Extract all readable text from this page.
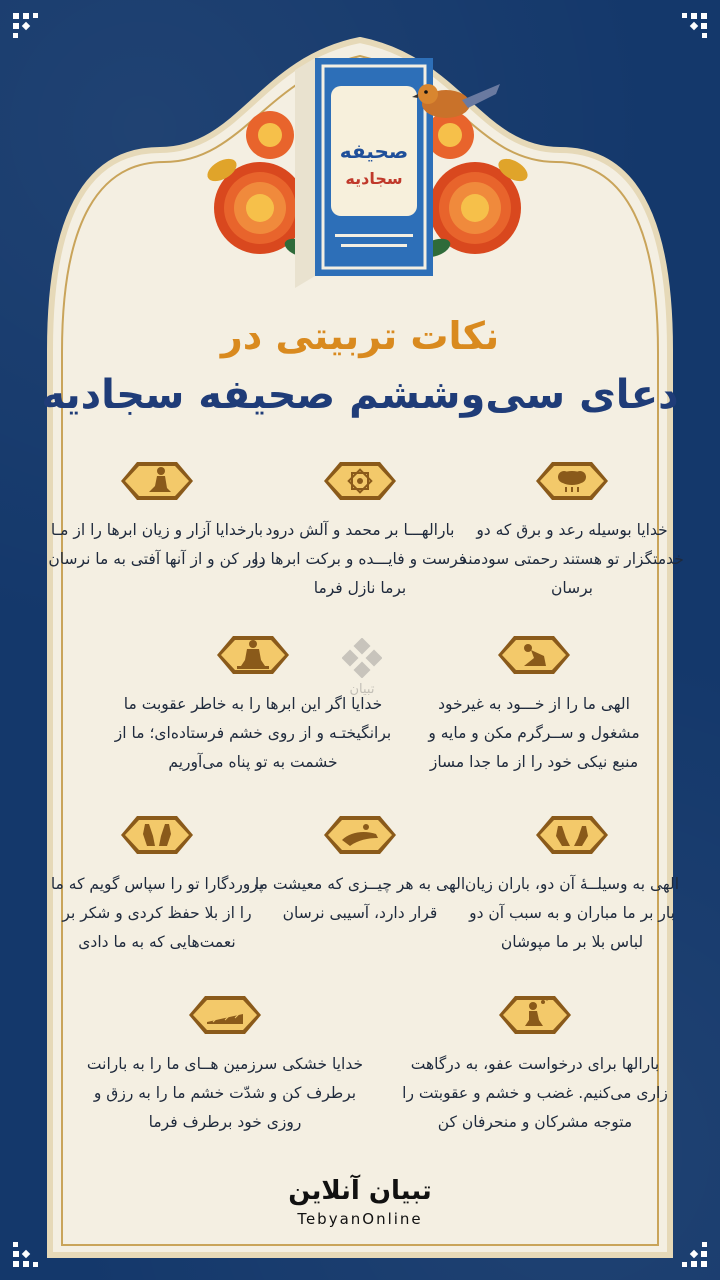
صحیفه
سجادیه
نکات تربیتی در
دعای سی‌وششم صحیفه سجادیه
تبیان
خدایا بوسیله رعد و برق که دو خدمتگزار تو هستند رحمتی سودمند برسان
بارالهـــا بر محمد و آلش درود فرست و فایـــده و برکت ابرها را برما نازل فرما
بارخدایا آزار و زیان ابرها را از مـا دور کن و از آنها آفتی به ما نرسان
الهی ما را از خـــود به غیرخود مشغول و ســرگرم مکن و مایه و منبع نیکی خود را از ما جدا مساز
خدایا اگر این ابرها را به خاطر عقوبت ما برانگیختـه و از روی خشم فرستاده‌ای؛ ما از خشمت به تو پناه می‌آوریم
الهی به وسیلــۀ آن دو، باران زیان بار بر ما مباران و به سبب آن دو لباس بلا بر ما مپوشان
الهی به هر چیــزی که معیشت ما قرار دارد، آسیبی نرسان
پروردگارا تو را سپاس گویم که ما را از بلا حفظ کردی و شکر بر نعمت‌هایی که به ما دادی
بارالها برای درخواست عفو، به درگاهت زاری می‌کنیم. غضب و خشم و عقوبتت را متوجه مشرکان و منحرفان کن
خدایا خشکی سرزمین هــای ما را به بارانت برطرف کن و شدّت خشم ما را به رزق و روزی خود برطرف فرما
تبیان آنلاین
TebyanOnline
